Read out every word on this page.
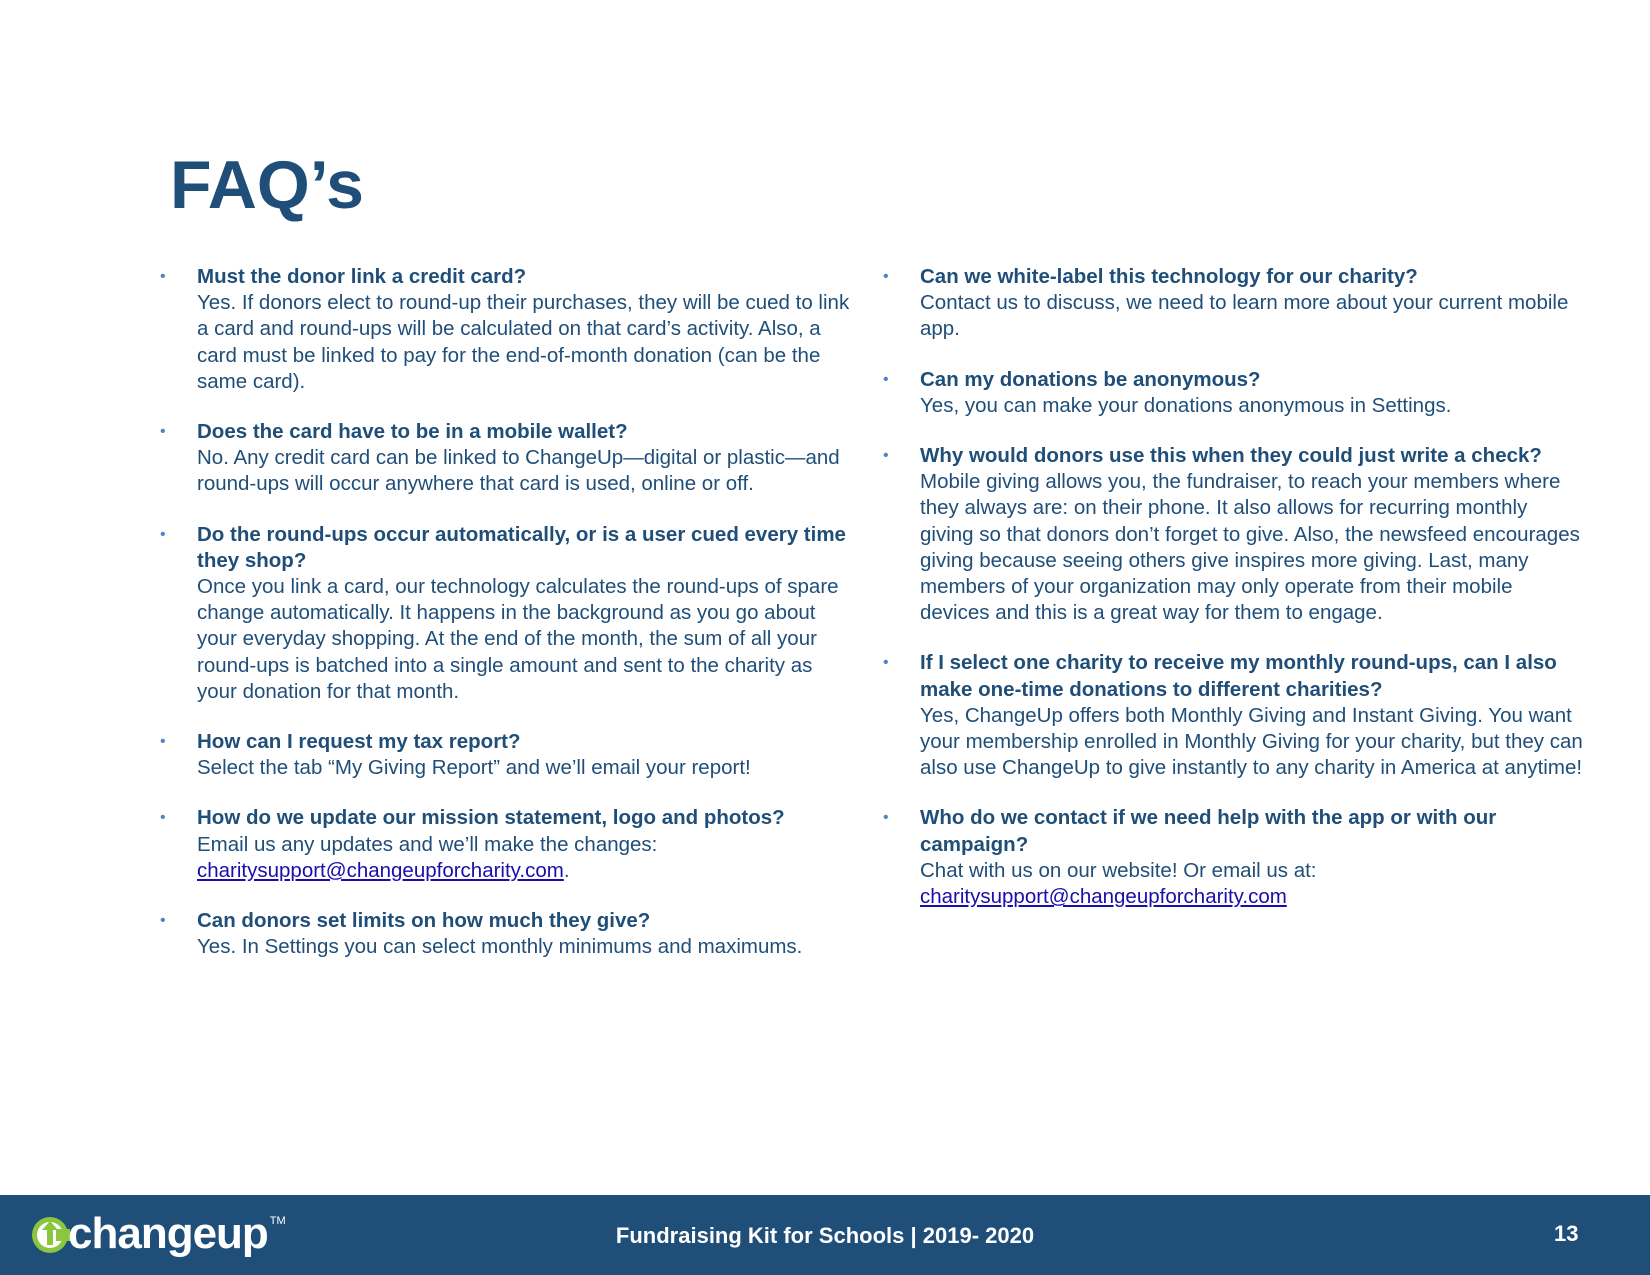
FAQ’s
• Must the donor link a credit card?
Yes. If donors elect to round-up their purchases, they will be cued to link a card and round-ups will be calculated on that card’s activity. Also, a card must be linked to pay for the end-of-month donation (can be the same card).
• Does the card have to be in a mobile wallet?
No. Any credit card can be linked to ChangeUp—digital or plastic—and round-ups will occur anywhere that card is used, online or off.
• Do the round-ups occur automatically, or is a user cued every time they shop?
Once you link a card, our technology calculates the round-ups of spare change automatically. It happens in the background as you go about your everyday shopping. At the end of the month, the sum of all your round-ups is batched into a single amount and sent to the charity as your donation for that month.
• How can I request my tax report?
Select the tab “My Giving Report” and we’ll email your report!
• How do we update our mission statement, logo and photos?
Email us any updates and we’ll make the changes:
charitysupport@changeupforcharity.com.
• Can donors set limits on how much they give?
Yes. In Settings you can select monthly minimums and maximums.
• Can we white-label this technology for our charity?
Contact us to discuss, we need to learn more about your current mobile app.
• Can my donations be anonymous?
Yes, you can make your donations anonymous in Settings.
• Why would donors use this when they could just write a check?
Mobile giving allows you, the fundraiser, to reach your members where they always are: on their phone. It also allows for recurring monthly giving so that donors don’t forget to give. Also, the newsfeed encourages giving because seeing others give inspires more giving. Last, many members of your organization may only operate from their mobile devices and this is a great way for them to engage.
• If I select one charity to receive my monthly round-ups, can I also make one-time donations to different charities?
Yes, ChangeUp offers both Monthly Giving and Instant Giving. You want your membership enrolled in Monthly Giving for your charity, but they can also use ChangeUp to give instantly to any charity in America at anytime!
• Who do we contact if we need help with the app or with our campaign?
Chat with us on our website! Or email us at:
charitysupport@changeupforcharity.com
changeup TM
Fundraising Kit for Schools | 2019- 2020	13
